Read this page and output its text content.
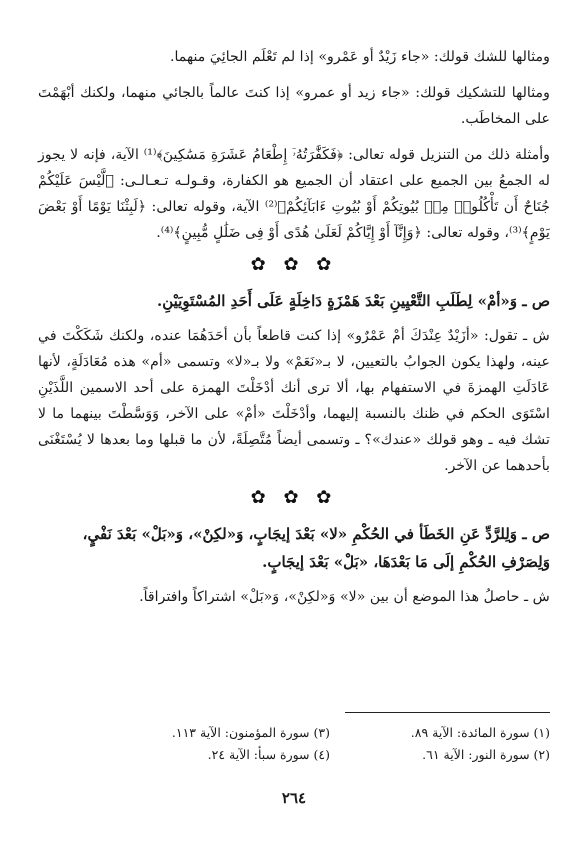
ومثالها للشك قولك: «جاء زَيْدٌ أو عَمْرو» إذا لم تَعْلَم الجائِيَ منهما.

ومثالها للتشكيك قولك: «جاء زيد أو عمرو» إذا كنتَ عالماً بالجائي منهما، ولكنك أبْهَمْتَ على المخاطَب.

وأمثلة ذلك من التنزيل قوله تعالى: ﴿فَكَفَّٰرَتُهُۥٓ إِطْعَامُ عَشَرَةِ مَسَٰكِينَ﴾⁽¹⁾ الآية، فإنه لا يجوز له الجمعُ بين الجميع على اعتقاد أن الجميع هو الكفارة، وقـولـه تـعـالـى: ﴿لَّيْسَ عَلَيْكُمْ جُنَاحٌ أَن تَأْكُلُوا۟ مِنۢ بُيُوتِكُمْ أَوْ بُيُوتِ ءَابَآئِكُمْ﴾⁽²⁾ الآية، وقوله تعالى: ﴿لَبِثْنَا يَوْمًا أَوْ بَعْضَ يَوْمٍ﴾⁽³⁾، وقوله تعالى: ﴿وَإِنَّآ أَوْ إِيَّاكُمْ لَعَلَىٰ هُدًى أَوْ فِى ضَلَٰلٍ مُّبِينٍ﴾⁽⁴⁾.

✿ ✿ ✿

ص ـ وَ«أمْ» لِطَلَبِ التَّعْيِينِ بَعْدَ هَمْزَةٍ دَاخِلَةٍ عَلَى أَحَدِ المُسْتَوِيَيْنِ.

ش ـ تقول: «أزَيْدٌ عِنْدَكَ أمْ عَمْرٌو» إذا كنت قاطعاً بأن أحَدَهُمَا عنده، ولكنك شَكَكْتَ في عينه، ولهذا يكون الجوابُ بالتعيين، لا بـ«نَعَمْ» ولا بـ«لا» وتسمى «أم» هذه مُعَادَلَةٍ، لأنها عَادَلَتِ الهمزةَ في الاستفهام بها، ألا ترى أنك أدْخَلْتَ الهمزة على أحد الاسمين اللَّذَيْنِ اسْتَوَى الحكم في ظنك بالنسبة إليهما، وأدْخَلْتَ «أمْ» على الآخر، وَوَسَّطْتَ بينهما ما لا تشك فيه ـ وهو قولك «عندك»؟ ـ وتسمى أيضاً مُتَّصِلَةً، لأن ما قبلها وما بعدها لا يُسْتَغْنَى بأحدهما عن الآخر.

✿ ✿ ✿

ص ـ وَلِلرَّدِّ عَنِ الخَطَأ في الحُكْمِ «لا» بَعْدَ إيجَابٍ، وَ«لكِنْ»، وَ«بَلْ» بَعْدَ نَفْيٍ، وَلِصَرْفِ الحُكْمِ إلَى مَا بَعْدَهَا، «بَلْ» بَعْدَ إيجَابٍ.

ش ـ حاصلُ هذا الموضع أن بين «لا» وَ«لكِنْ»، وَ«بَلْ» اشتراكاً وافتراقاً.

(١) سورة المائدة: الآية ٨٩.
(٣) سورة المؤمنون: الآية ١١٣.
(٢) سورة النور: الآية ٦١.
(٤) سورة سبأ: الآية ٢٤.
٢٦٤
